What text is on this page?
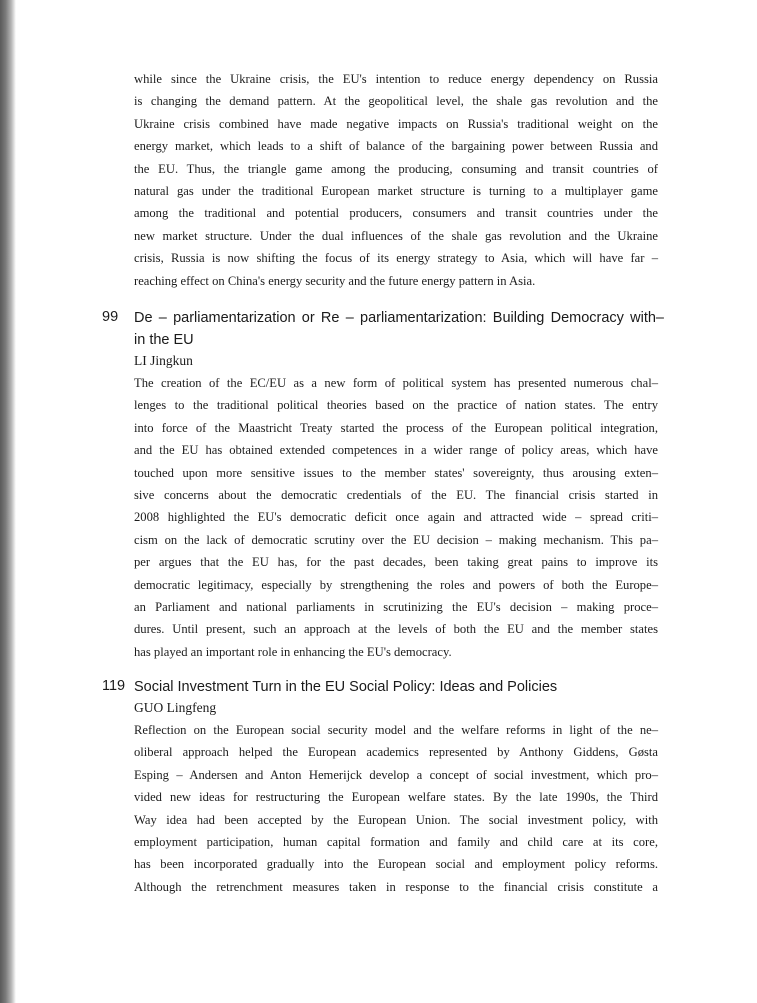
while since the Ukraine crisis, the EU's intention to reduce energy dependency on Russia
is changing the demand pattern. At the geopolitical level, the shale gas revolution and the
Ukraine crisis combined have made negative impacts on Russia's traditional weight on the
energy market, which leads to a shift of balance of the bargaining power between Russia and
the EU. Thus, the triangle game among the producing, consuming and transit countries of
natural gas under the traditional European market structure is turning to a multiplayer game
among the traditional and potential producers, consumers and transit countries under the
new market structure. Under the dual influences of the shale gas revolution and the Ukraine
crisis, Russia is now shifting the focus of its energy strategy to Asia, which will have far –
reaching effect on China's energy security and the future energy pattern in Asia.
99 De – parliamentarization or Re – parliamentarization: Building Democracy with–
in the EU
LI Jingkun
The creation of the EC/EU as a new form of political system has presented numerous chal–
lenges to the traditional political theories based on the practice of nation states. The entry
into force of the Maastricht Treaty started the process of the European political integration,
and the EU has obtained extended competences in a wider range of policy areas, which have
touched upon more sensitive issues to the member states' sovereignty, thus arousing exten–
sive concerns about the democratic credentials of the EU. The financial crisis started in
2008 highlighted the EU's democratic deficit once again and attracted wide – spread criti–
cism on the lack of democratic scrutiny over the EU decision – making mechanism. This pa–
per argues that the EU has, for the past decades, been taking great pains to improve its
democratic legitimacy, especially by strengthening the roles and powers of both the Europe–
an Parliament and national parliaments in scrutinizing the EU's decision – making proce–
dures. Until present, such an approach at the levels of both the EU and the member states
has played an important role in enhancing the EU's democracy.
119 Social Investment Turn in the EU Social Policy: Ideas and Policies
GUO Lingfeng
Reflection on the European social security model and the welfare reforms in light of the ne–
oliberal approach helped the European academics represented by Anthony Giddens, Gøsta
Esping – Andersen and Anton Hemerijck develop a concept of social investment, which pro–
vided new ideas for restructuring the European welfare states. By the late 1990s, the Third
Way idea had been accepted by the European Union. The social investment policy, with
employment participation, human capital formation and family and child care at its core,
has been incorporated gradually into the European social and employment policy reforms.
Although the retrenchment measures taken in response to the financial crisis constitute a
